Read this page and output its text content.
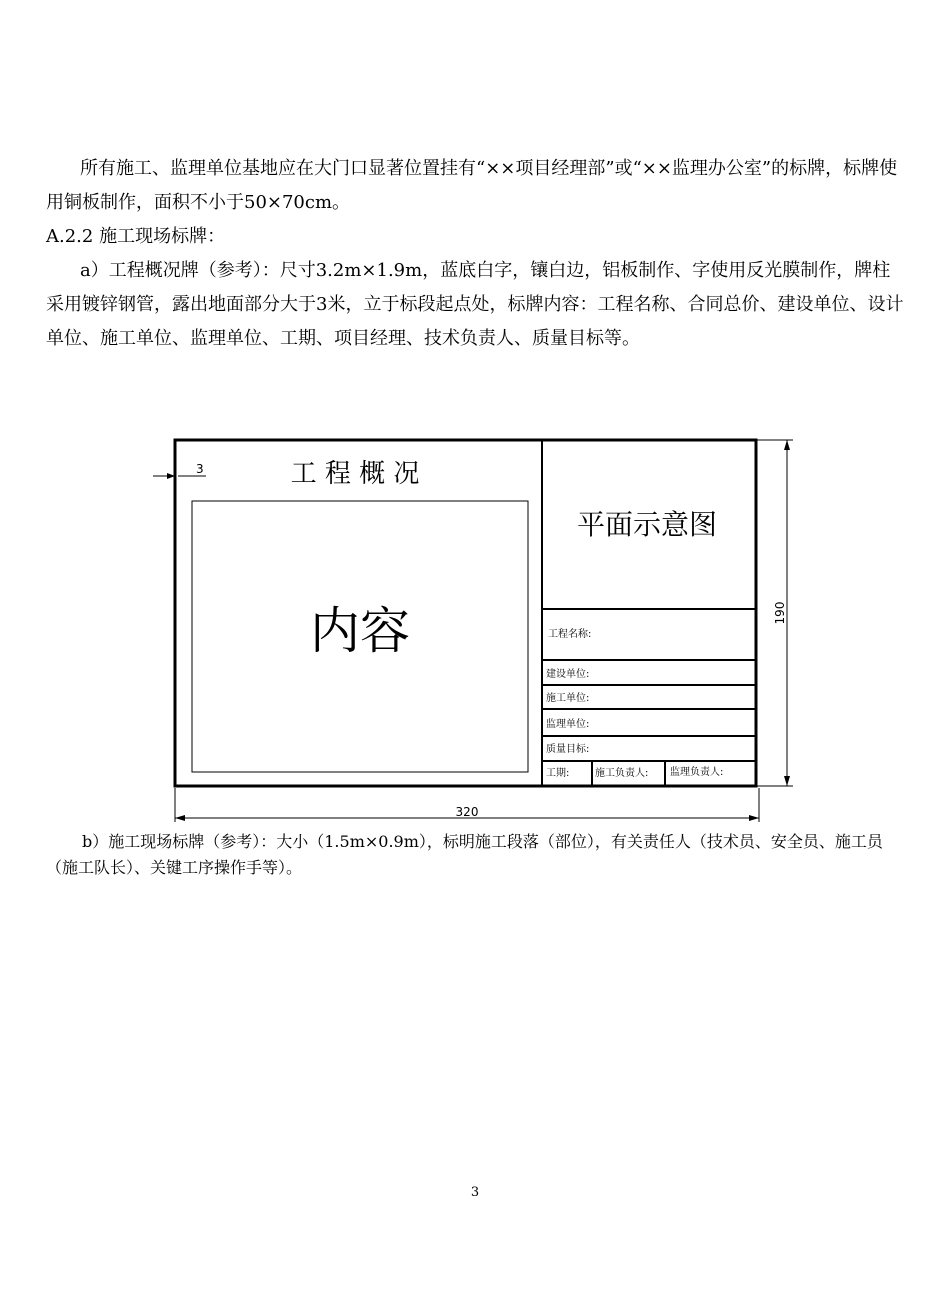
所有施工、监理单位基地应在大门口显著位置挂有“××项目经理部”或“××监理办公室”的标牌，标牌使用铜板制作，面积不小于50×70cm。

A.2.2 施工现场标牌：

a）工程概况牌（参考）：尺寸3.2m×1.9m，蓝底白字，镶白边，铝板制作、字使用反光膜制作，牌柱采用镀锌钢管，露出地面部分大于3米，立于标段起点处，标牌内容：工程名称、合同总价、建设单位、设计单位、施工单位、监理单位、工期、项目经理、技术负责人、质量目标等。

工 程 概 况
内容
平面示意图
工程名称:
建设单位:
施工单位:
监理单位:
质量目标:
工期:	施工负责人: 监理负责人:
3
190
320

b）施工现场标牌（参考）：大小（1.5m×0.9m），标明施工段落（部位），有关责任人（技术员、安全员、施工员（施工队长）、关键工序操作手等）。

3
